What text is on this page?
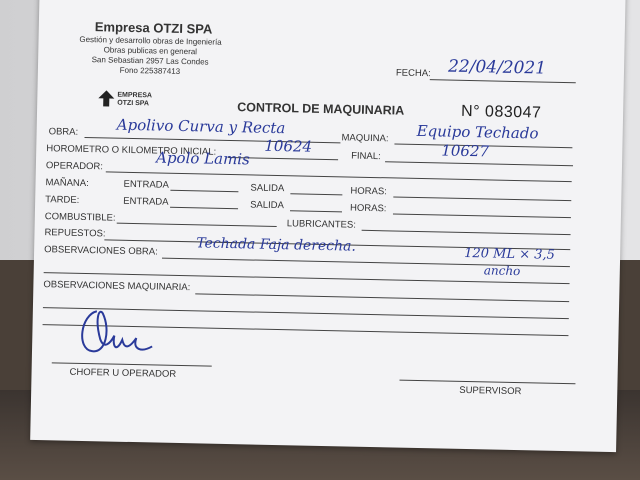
Empresa OTZI SPA
Gestión y desarrollo obras de Ingeniería
Obras publicas en general
San Sebastian 2957 Las Condes
Fono 225387413
EMPRESA
OTZI SPA
FECHA: 22/04/2021
CONTROL DE MAQUINARIA	N° 083047
OBRA:	Apolivo Curva y Recta
MAQUINA: Equipo Techado
HOROMETRO O KILOMETRO INICIAL:	10624
FINAL:	10627
OPERADOR:	Apolo Lamis
MAÑANA:	ENTRADA	SALIDA	HORAS:
TARDE:	ENTRADA	SALIDA	HORAS:
COMBUSTIBLE:
LUBRICANTES:
REPUESTOS:
OBSERVACIONES OBRA:	Techada Faja derecha.	120 ML × 3,5
ancho
OBSERVACIONES MAQUINARIA:
CHOFER U OPERADOR
SUPERVISOR
